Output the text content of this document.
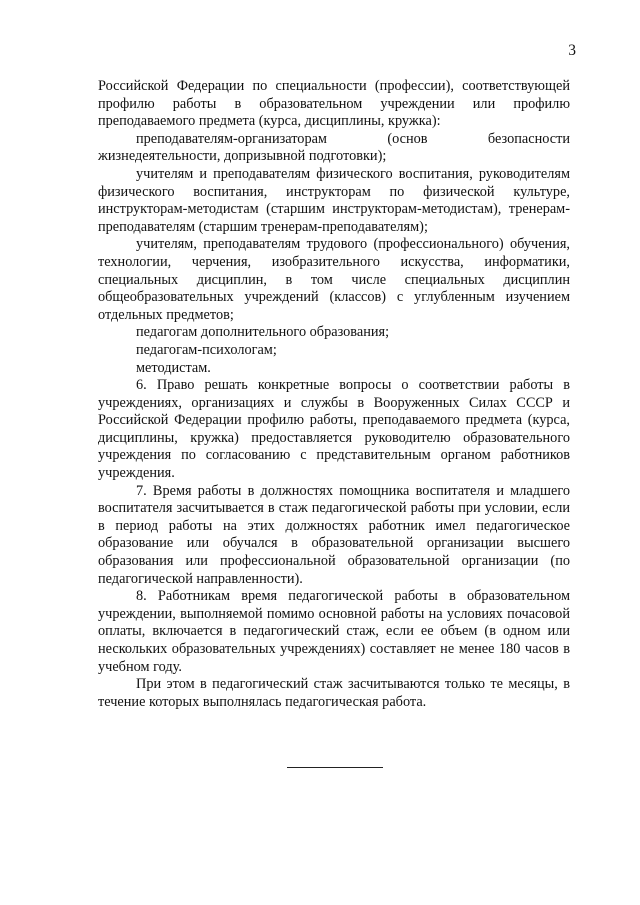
3

Российской Федерации по специальности (профессии), соответствующей профилю работы в образовательном учреждении или профилю преподаваемого предмета (курса, дисциплины, кружка):

преподавателям-организаторам (основ безопасности жизнедеятельности, допризывной подготовки);

учителям и преподавателям физического воспитания, руководителям физического воспитания, инструкторам по физической культуре, инструкторам-методистам (старшим инструкторам-методистам), тренерам-преподавателям (старшим тренерам-преподавателям);

учителям, преподавателям трудового (профессионального) обучения, технологии, черчения, изобразительного искусства, информатики, специальных дисциплин, в том числе специальных дисциплин общеобразовательных учреждений (классов) с углубленным изучением отдельных предметов;

педагогам дополнительного образования;

педагогам-психологам;

методистам.

6. Право решать конкретные вопросы о соответствии работы в учреждениях, организациях и службы в Вооруженных Силах СССР и Российской Федерации профилю работы, преподаваемого предмета (курса, дисциплины, кружка) предоставляется руководителю образовательного учреждения по согласованию с представительным органом работников учреждения.

7. Время работы в должностях помощника воспитателя и младшего воспитателя засчитывается в стаж педагогической работы при условии, если в период работы на этих должностях работник имел педагогическое образование или обучался в образовательной организации высшего образования или профессиональной образовательной организации (по педагогической направленности).

8. Работникам время педагогической работы в образовательном учреждении, выполняемой помимо основной работы на условиях почасовой оплаты, включается в педагогический стаж, если ее объем (в одном или нескольких образовательных учреждениях) составляет не менее 180 часов в учебном году.

При этом в педагогический стаж засчитываются только те месяцы, в течение которых выполнялась педагогическая работа.
